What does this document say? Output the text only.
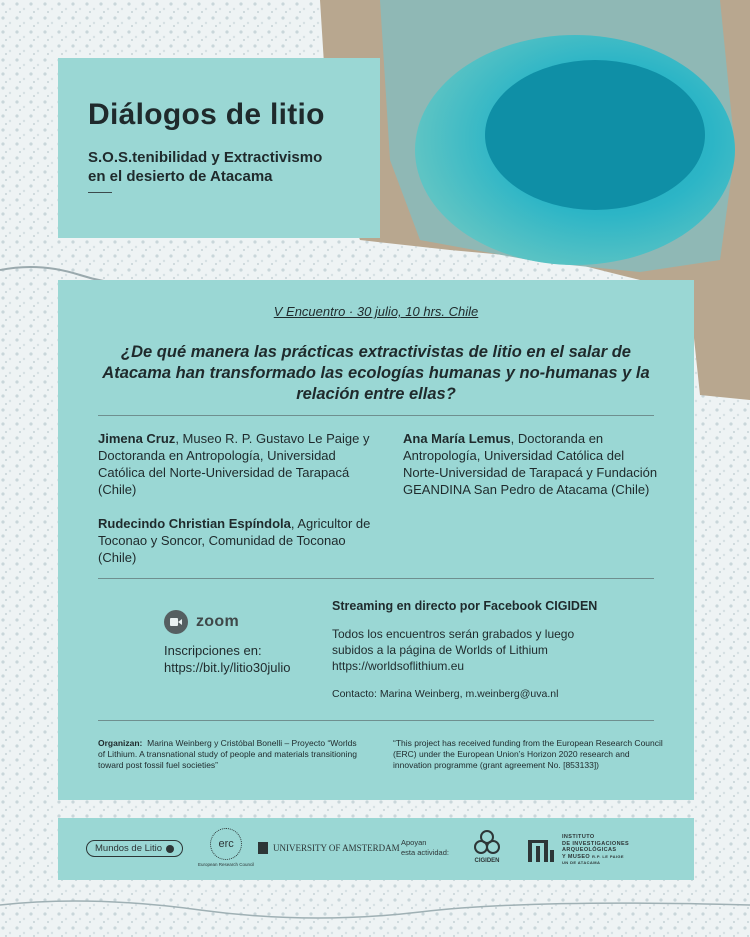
Diálogos de litio
S.O.S.tenibilidad y Extractivismo
en el desierto de Atacama
V Encuentro · 30 julio, 10 hrs. Chile
¿De qué manera las prácticas extractivistas de litio en el salar de Atacama han transformado las ecologías humanas y no-humanas y la relación entre ellas?
Jimena Cruz, Museo R. P. Gustavo Le Paige y Doctoranda en Antropología, Universidad Católica del Norte-Universidad de Tarapacá (Chile)
Ana María Lemus, Doctoranda en Antropología, Universidad Católica del Norte-Universidad de Tarapacá y Fundación GEANDINA San Pedro de Atacama (Chile)
Rudecindo Christian Espíndola, Agricultor de Toconao y Soncor, Comunidad de Toconao (Chile)
zoom
Inscripciones en:
https://bit.ly/litio30julio
Streaming en directo por Facebook CIGIDEN
Todos los encuentros serán grabados y luego
subidos a la página de Worlds of Lithium
https://worldsoflithium.eu
Contacto: Marina Weinberg, m.weinberg@uva.nl
Organizan: Marina Weinberg y Cristóbal Bonelli – Proyecto “Worlds of Lithium. A transnational study of people and materials transitioning toward post fossil fuel societies”
“This project has received funding from the European Research Council (ERC) under the European Union’s Horizon 2020 research and innovation programme (grant agreement No. [853133])
Mundos de Litio	erc
European Research Council
UNIVERSITY OF AMSTERDAM
Apoyan
esta actividad:
CIGIDEN
INSTITUTO
DE INVESTIGACIONES
ARQUEOLÓGICAS
Y MUSEO R.P. LE PAIGE
UN DE ATACAMA
